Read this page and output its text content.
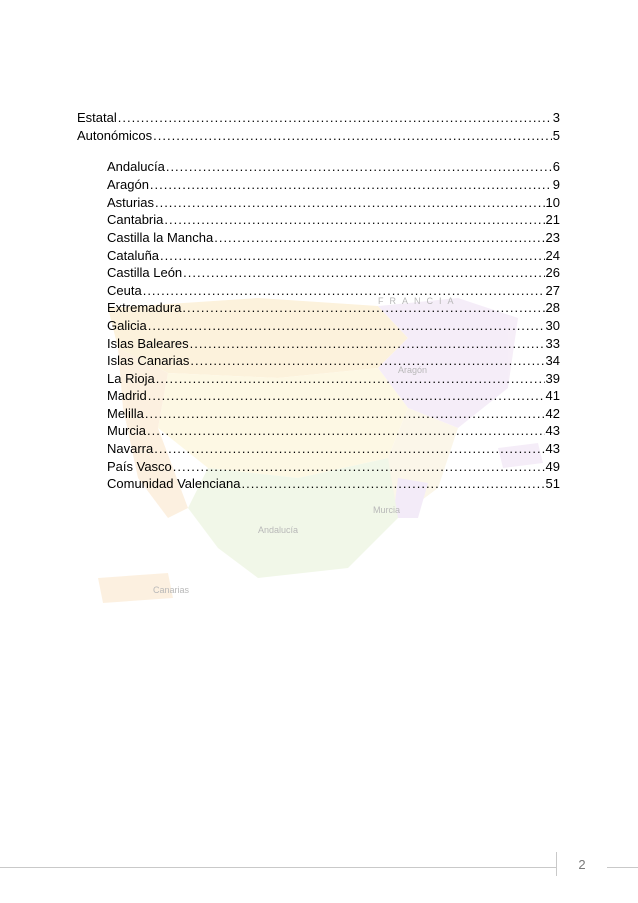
FRANCIA
Aragón
Andalucía
Murcia
Canarias
Estatal .....	3
Autonómicos .....	5
Andalucía .....	6
Aragón .....	9
Asturias .....	10
Cantabria .....	21
Castilla la Mancha .....	23
Cataluña .....	24
Castilla León .....	26
Ceuta .....	27
Extremadura .....	28
Galicia .....	30
Islas Baleares .....	33
Islas Canarias .....	34
La Rioja .....	39
Madrid .....	41
Melilla .....	42
Murcia .....	43
Navarra .....	43
País Vasco .....	49
Comunidad Valenciana .....	51
2
